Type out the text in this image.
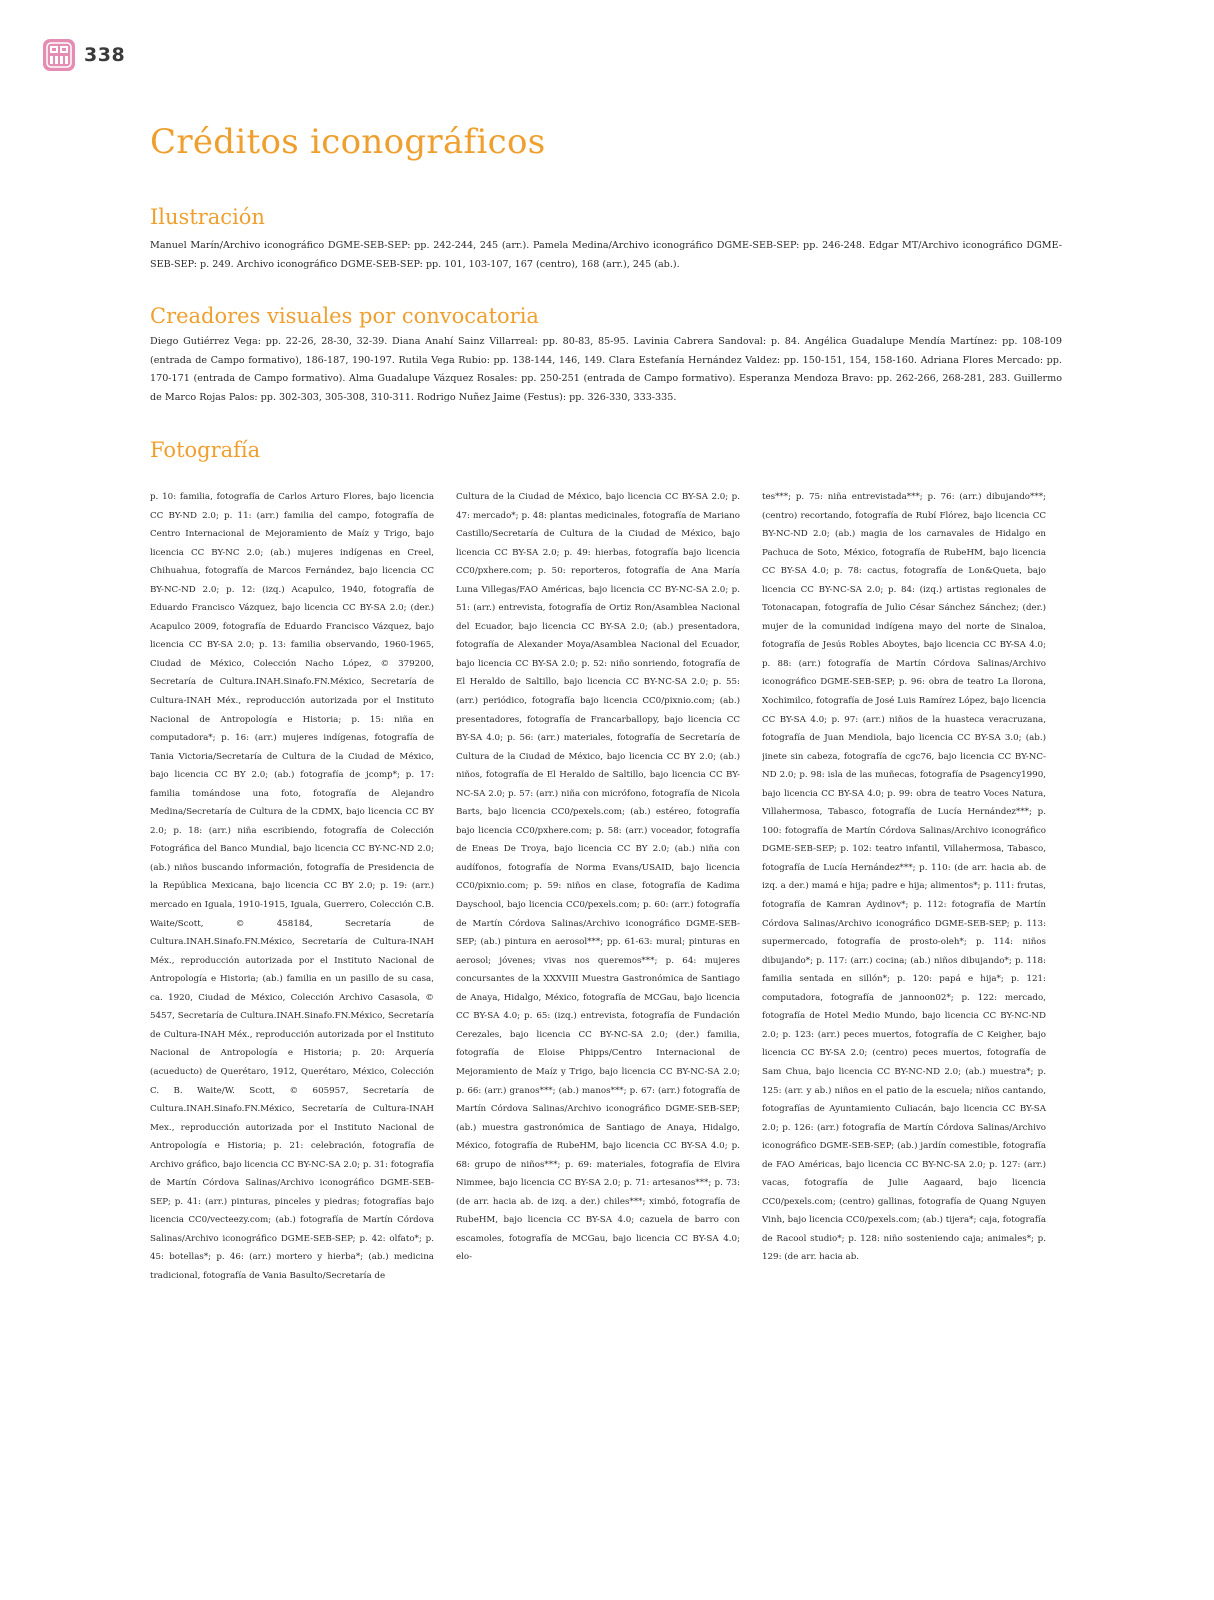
338
Créditos iconográficos
Ilustración

Manuel Marín/Archivo iconográfico DGME-SEB-SEP: pp. 242-244, 245 (arr.). Pamela Medina/Archivo iconográfico DGME-SEB-SEP: pp. 246-248. Edgar MT/Archivo iconográfico DGME-SEB-SEP: p. 249. Archivo iconográfico DGME-SEB-SEP: pp. 101, 103-107, 167 (centro), 168 (arr.), 245 (ab.).

Creadores visuales por convocatoria

Diego Gutiérrez Vega: pp. 22-26, 28-30, 32-39. Diana Anahí Sainz Villarreal: pp. 80-83, 85-95. Lavinia Cabrera Sandoval: p. 84. Angélica Guadalupe Mendía Martínez: pp. 108-109 (entrada de Campo formativo), 186-187, 190-197. Rutila Vega Rubio: pp. 138-144, 146, 149. Clara Estefanía Hernández Valdez: pp. 150-151, 154, 158-160. Adriana Flores Mercado: pp. 170-171 (entrada de Campo formativo). Alma Guadalupe Vázquez Rosales: pp. 250-251 (entrada de Campo formativo). Esperanza Mendoza Bravo: pp. 262-266, 268-281, 283. Guillermo de Marco Rojas Palos: pp. 302-303, 305-308, 310-311. Rodrigo Nuñez Jaime (Festus): pp. 326-330, 333-335.

Fotografía
p. 10: familia, fotografía de Carlos Arturo Flores, bajo licencia CC BY-ND 2.0; p. 11: (arr.) familia del campo, fotografía de Centro Internacional de Mejoramiento de Maíz y Trigo, bajo licencia CC BY-NC 2.0; (ab.) mujeres indígenas en Creel, Chihuahua, fotografía de Marcos Fernández, bajo licencia CC BY-NC-ND 2.0; p. 12: (izq.) Acapulco, 1940, fotografía de Eduardo Francisco Vázquez, bajo licencia CC BY-SA 2.0; (der.) Acapulco 2009, fotografía de Eduardo Francisco Vázquez, bajo licencia CC BY-SA 2.0; p. 13: familia observando, 1960-1965, Ciudad de México, Colección Nacho López, © 379200, Secretaría de Cultura.INAH.Sinafo.FN.México, Secretaría de Cultura-INAH Méx., reproducción autorizada por el Instituto Nacional de Antropología e Historia; p. 15: niña en computadora*; p. 16: (arr.) mujeres indígenas, fotografía de Tania Victoria/Secretaría de Cultura de la Ciudad de México, bajo licencia CC BY 2.0; (ab.) fotografía de jcomp*; p. 17: familia tomándose una foto, fotografía de Alejandro Medina/Secretaría de Cultura de la CDMX, bajo licencia CC BY 2.0; p. 18: (arr.) niña escribiendo, fotografía de Colección Fotográfica del Banco Mundial, bajo licencia CC BY-NC-ND 2.0; (ab.) niños buscando información, fotografía de Presidencia de la República Mexicana, bajo licencia CC BY 2.0; p. 19: (arr.) mercado en Iguala, 1910-1915, Iguala, Guerrero, Colección C.B. Waite/Scott, © 458184, Secretaría de Cultura.INAH.Sinafo.FN.México, Secretaría de Cultura-INAH Méx., reproducción autorizada por el Instituto Nacional de Antropología e Historia; (ab.) familia en un pasillo de su casa, ca. 1920, Ciudad de México, Colección Archivo Casasola, © 5457, Secretaría de Cultura.INAH.Sinafo.FN.México, Secretaría de Cultura-INAH Méx., reproducción autorizada por el Instituto Nacional de Antropología e Historia; p. 20: Arquería (acueducto) de Querétaro, 1912, Querétaro, México, Colección C. B. Waite/W. Scott, © 605957, Secretaría de Cultura.INAH.Sinafo.FN.México, Secretaría de Cultura-INAH Mex., reproducción autorizada por el Instituto Nacional de Antropología e Historia; p. 21: celebración, fotografía de Archivo gráfico, bajo licencia CC BY-NC-SA 2.0; p. 31: fotografía de Martín Córdova Salinas/Archivo iconográfico DGME-SEB-SEP; p. 41: (arr.) pinturas, pinceles y piedras; fotografías bajo licencia CC0/vecteezy.com; (ab.) fotografía de Martín Córdova Salinas/Archivo iconográfico DGME-SEB-SEP; p. 42: olfato*; p. 45: botellas*; p. 46: (arr.) mortero y hierba*; (ab.) medicina tradicional, fotografía de Vania Basulto/Secretaría de
Cultura de la Ciudad de México, bajo licencia CC BY-SA 2.0; p. 47: mercado*; p. 48: plantas medicinales, fotografía de Mariano Castillo/Secretaría de Cultura de la Ciudad de México, bajo licencia CC BY-SA 2.0; p. 49: hierbas, fotografía bajo licencia CC0/pxhere.com; p. 50: reporteros, fotografía de Ana María Luna Villegas/FAO Américas, bajo licencia CC BY-NC-SA 2.0; p. 51: (arr.) entrevista, fotografía de Ortiz Ron/Asamblea Nacional del Ecuador, bajo licencia CC BY-SA 2.0; (ab.) presentadora, fotografía de Alexander Moya/Asamblea Nacional del Ecuador, bajo licencia CC BY-SA 2.0; p. 52: niño sonriendo, fotografía de El Heraldo de Saltillo, bajo licencia CC BY-NC-SA 2.0; p. 55: (arr.) periódico, fotografía bajo licencia CC0/pixnio.com; (ab.) presentadores, fotografía de Francarballopy, bajo licencia CC BY-SA 4.0; p. 56: (arr.) materiales, fotografía de Secretaría de Cultura de la Ciudad de México, bajo licencia CC BY 2.0; (ab.) niños, fotografía de El Heraldo de Saltillo, bajo licencia CC BY-NC-SA 2.0; p. 57: (arr.) niña con micrófono, fotografía de Nicola Barts, bajo licencia CC0/pexels.com; (ab.) estéreo, fotografía bajo licencia CC0/pxhere.com; p. 58: (arr.) voceador, fotografía de Eneas De Troya, bajo licencia CC BY 2.0; (ab.) niña con audífonos, fotografía de Norma Evans/USAID, bajo licencia CC0/pixnio.com; p. 59: niños en clase, fotografía de Kadima Dayschool, bajo licencia CC0/pexels.com; p. 60: (arr.) fotografía de Martín Córdova Salinas/Archivo iconográfico DGME-SEB-SEP; (ab.) pintura en aerosol***; pp. 61-63: mural; pinturas en aerosol; jóvenes; vivas nos queremos***; p. 64: mujeres concursantes de la XXXVIII Muestra Gastronómica de Santiago de Anaya, Hidalgo, México, fotografía de MCGau, bajo licencia CC BY-SA 4.0; p. 65: (izq.) entrevista, fotografía de Fundación Cerezales, bajo licencia CC BY-NC-SA 2.0; (der.) familia, fotografía de Eloise Phipps/Centro Internacional de Mejoramiento de Maíz y Trigo, bajo licencia CC BY-NC-SA 2.0; p. 66: (arr.) granos***; (ab.) manos***; p. 67: (arr.) fotografía de Martín Córdova Salinas/Archivo iconográfico DGME-SEB-SEP; (ab.) muestra gastronómica de Santiago de Anaya, Hidalgo, México, fotografía de RubeHM, bajo licencia CC BY-SA 4.0; p. 68: grupo de niños***; p. 69: materiales, fotografía de Elvira Nimmee, bajo licencia CC BY-SA 2.0; p. 71: artesanos***; p. 73: (de arr. hacia ab. de izq. a der.) chiles***; ximbó, fotografía de RubeHM, bajo licencia CC BY-SA 4.0; cazuela de barro con escamoles, fotografía de MCGau, bajo licencia CC BY-SA 4.0; elo-
tes***; p. 75: niña entrevistada***; p. 76: (arr.) dibujando***; (centro) recortando, fotografía de Rubí Flórez, bajo licencia CC BY-NC-ND 2.0; (ab.) magia de los carnavales de Hidalgo en Pachuca de Soto, México, fotografía de RubeHM, bajo licencia CC BY-SA 4.0; p. 78: cactus, fotografía de Lon&Queta, bajo licencia CC BY-NC-SA 2.0; p. 84: (izq.) artistas regionales de Totonacapan, fotografía de Julio César Sánchez Sánchez; (der.) mujer de la comunidad indígena mayo del norte de Sinaloa, fotografía de Jesús Robles Aboytes, bajo licencia CC BY-SA 4.0; p. 88: (arr.) fotografía de Martín Córdova Salinas/Archivo iconográfico DGME-SEB-SEP; p. 96: obra de teatro La llorona, Xochimilco, fotografía de José Luis Ramírez López, bajo licencia CC BY-SA 4.0; p. 97: (arr.) niños de la huasteca veracruzana, fotografía de Juan Mendiola, bajo licencia CC BY-SA 3.0; (ab.) jinete sin cabeza, fotografía de cgc76, bajo licencia CC BY-NC-ND 2.0; p. 98: isla de las muñecas, fotografía de Psagency1990, bajo licencia CC BY-SA 4.0; p. 99: obra de teatro Voces Natura, Villahermosa, Tabasco, fotografía de Lucía Hernández***; p. 100: fotografía de Martín Córdova Salinas/Archivo iconográfico DGME-SEB-SEP; p. 102: teatro infantil, Villahermosa, Tabasco, fotografía de Lucía Hernández***; p. 110: (de arr. hacia ab. de izq. a der.) mamá e hija; padre e hija; alimentos*; p. 111: frutas, fotografía de Kamran Aydinov*; p. 112: fotografía de Martín Córdova Salinas/Archivo iconográfico DGME-SEB-SEP; p. 113: supermercado, fotografía de prosto-oleh*; p. 114: niños dibujando*; p. 117: (arr.) cocina; (ab.) niños dibujando*; p. 118: familia sentada en sillón*; p. 120: papá e hija*; p. 121: computadora, fotografía de jannoon02*; p. 122: mercado, fotografía de Hotel Medio Mundo, bajo licencia CC BY-NC-ND 2.0; p. 123: (arr.) peces muertos, fotografía de C Keigher, bajo licencia CC BY-SA 2.0; (centro) peces muertos, fotografía de Sam Chua, bajo licencia CC BY-NC-ND 2.0; (ab.) muestra*; p. 125: (arr. y ab.) niños en el patio de la escuela; niños cantando, fotografías de Ayuntamiento Culiacán, bajo licencia CC BY-SA 2.0; p. 126: (arr.) fotografía de Martín Córdova Salinas/Archivo iconográfico DGME-SEB-SEP; (ab.) jardín comestible, fotografía de FAO Américas, bajo licencia CC BY-NC-SA 2.0; p. 127: (arr.) vacas, fotografía de Julie Aagaard, bajo licencia CC0/pexels.com; (centro) gallinas, fotografía de Quang Nguyen Vinh, bajo licencia CC0/pexels.com; (ab.) tijera*; caja, fotografía de Racool studio*; p. 128: niño sosteniendo caja; animales*; p. 129: (de arr. hacia ab.
